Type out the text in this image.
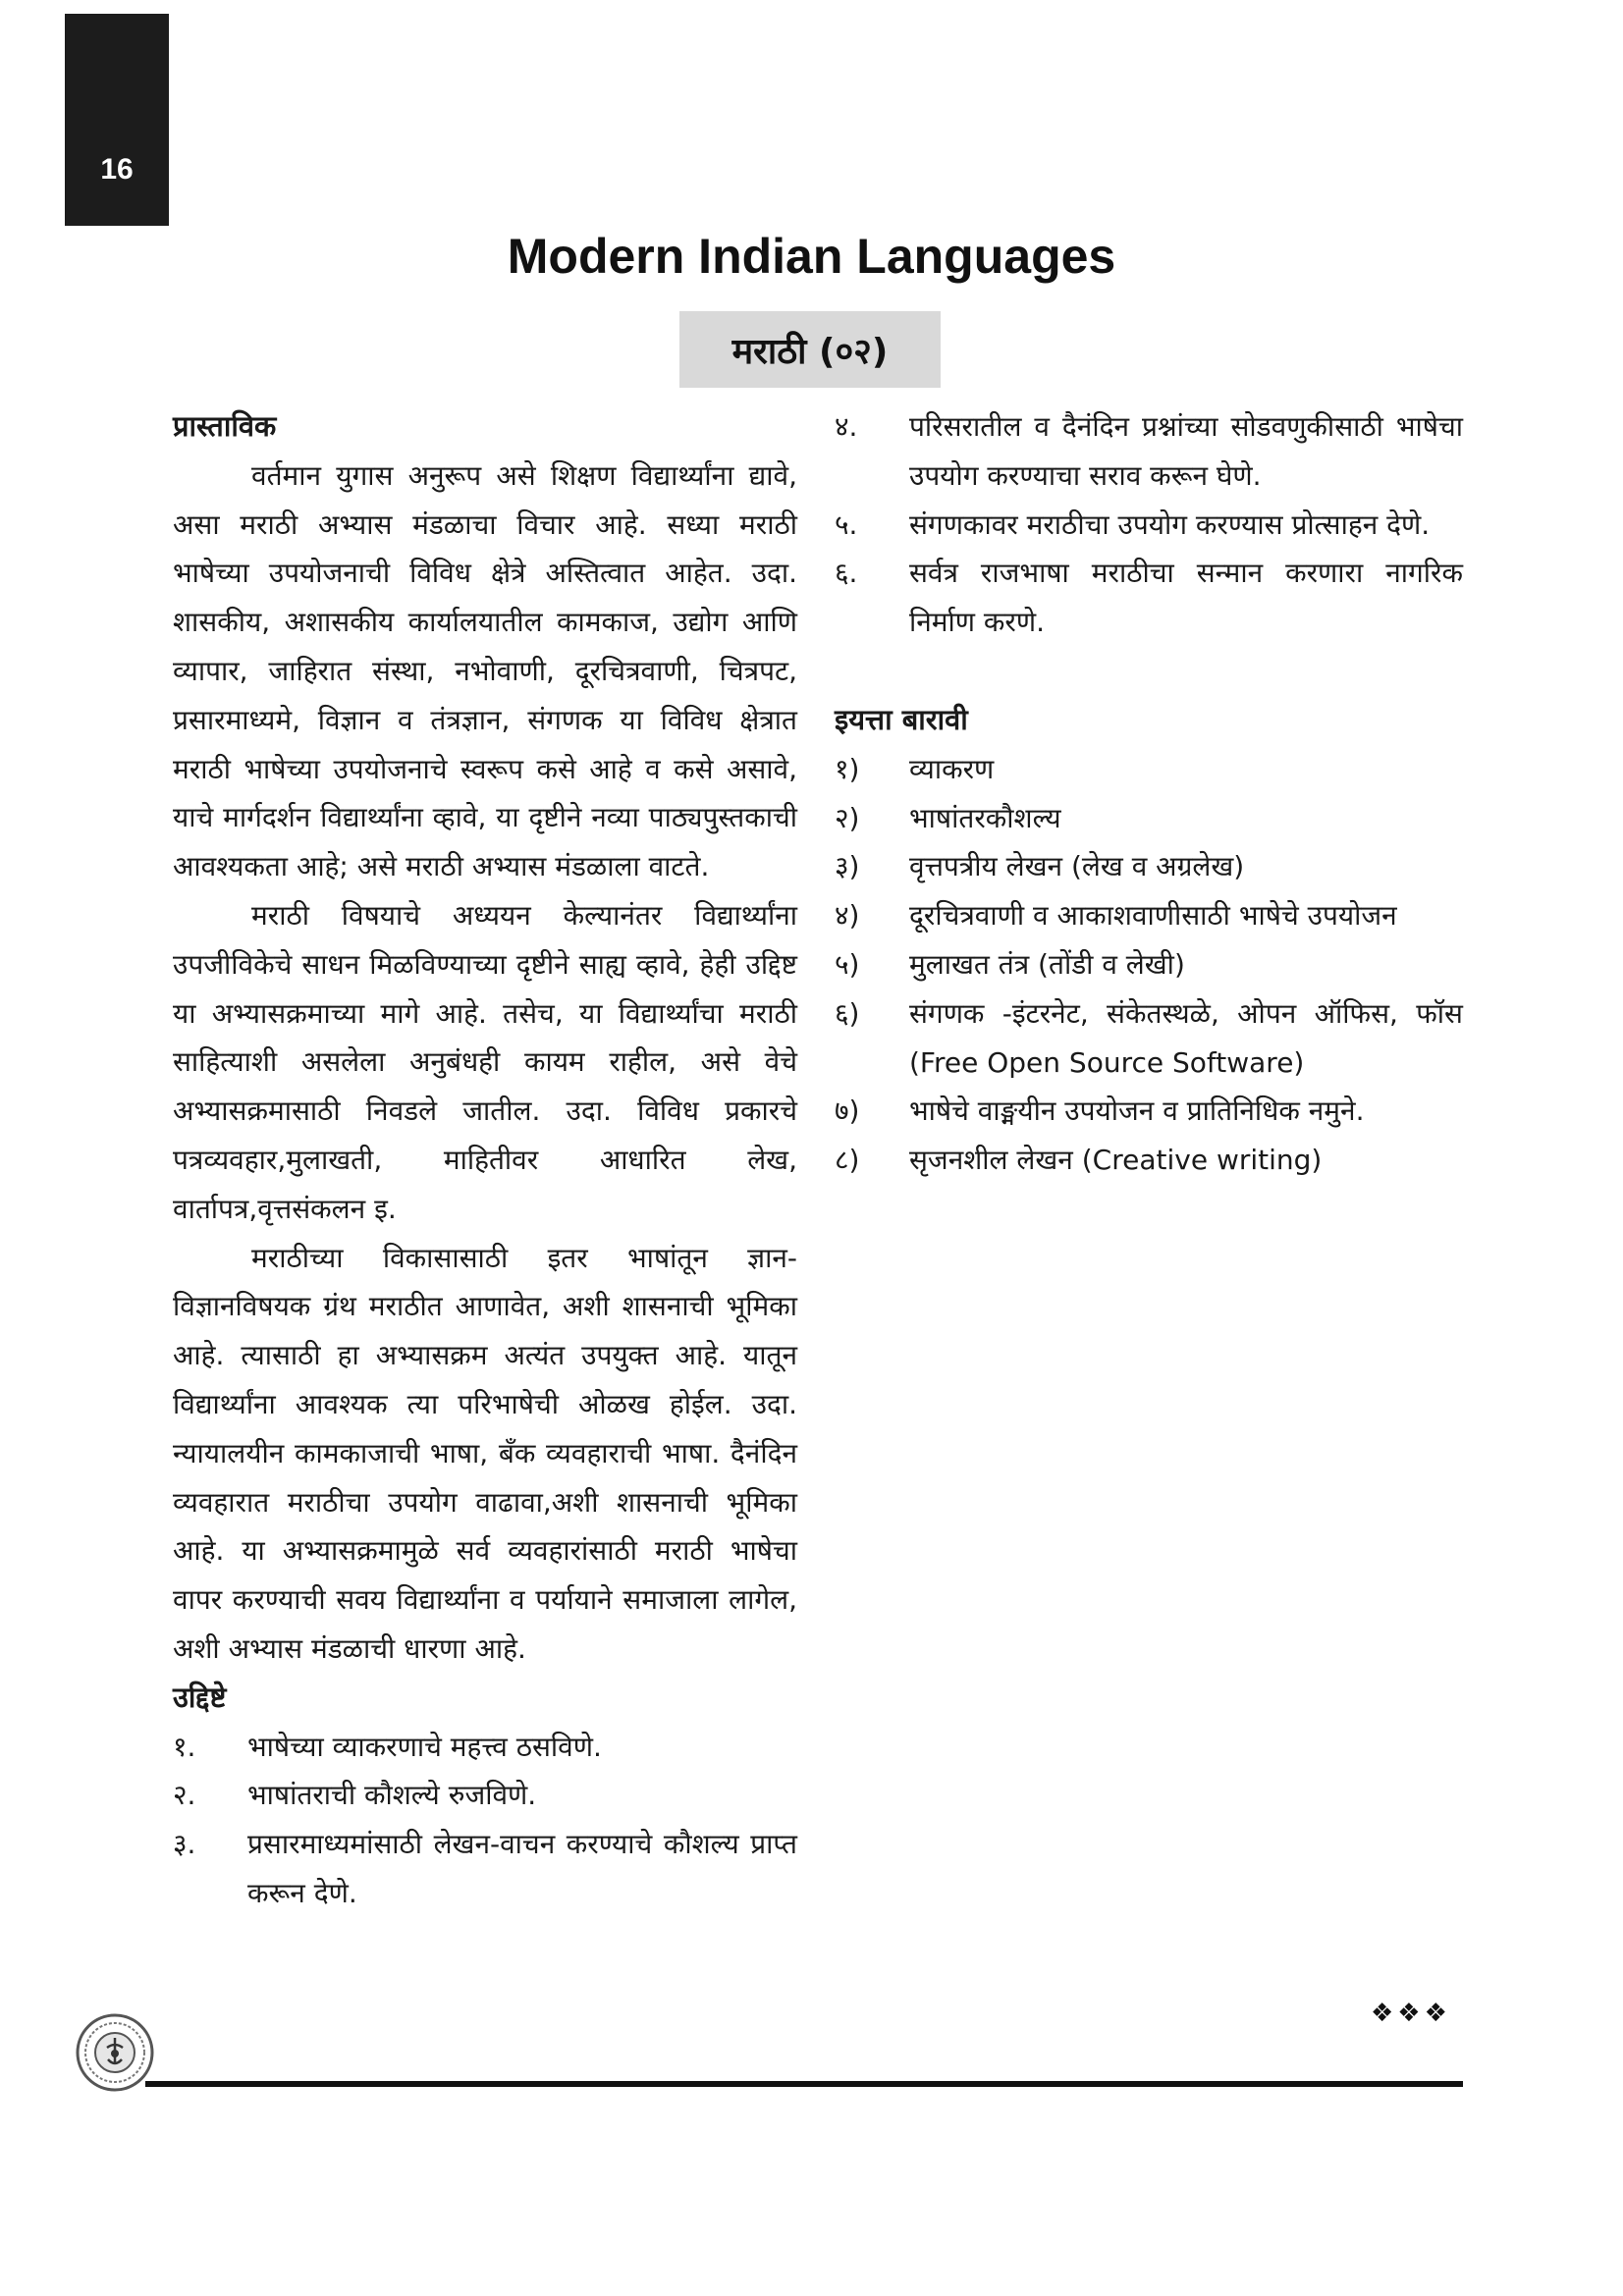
16
Modern Indian Languages
मराठी (०२)

प्रास्ताविक

वर्तमान युगास अनुरूप असे शिक्षण विद्यार्थ्यांना द्यावे, असा मराठी अभ्यास मंडळाचा विचार आहे. सध्या मराठी भाषेच्या उपयोजनाची विविध क्षेत्रे अस्तित्वात आहेत. उदा. शासकीय, अशासकीय कार्यालयातील कामकाज, उद्योग आणि व्यापार, जाहिरात संस्था, नभोवाणी, दूरचित्रवाणी, चित्रपट, प्रसारमाध्यमे, विज्ञान व तंत्रज्ञान, संगणक या विविध क्षेत्रात मराठी भाषेच्या उपयोजनाचे स्वरूप कसे आहे व कसे असावे, याचे मार्गदर्शन विद्यार्थ्यांना व्हावे, या दृष्टीने नव्या पाठ्यपुस्तकाची आवश्यकता आहे; असे मराठी अभ्यास मंडळाला वाटते.

मराठी विषयाचे अध्ययन केल्यानंतर विद्यार्थ्यांना उपजीविकेचे साधन मिळविण्याच्या दृष्टीने साह्य व्हावे, हेही उद्दिष्ट या अभ्यासक्रमाच्या मागे आहे. तसेच, या विद्यार्थ्यांचा मराठी साहित्याशी असलेला अनुबंधही कायम राहील, असे वेचे अभ्यासक्रमासाठी निवडले जातील. उदा. विविध प्रकारचे पत्रव्यवहार,मुलाखती, माहितीवर आधारित लेख, वार्तापत्र,वृत्तसंकलन इ.

मराठीच्या विकासासाठी इतर भाषांतून ज्ञान-विज्ञानविषयक ग्रंथ मराठीत आणावेत, अशी शासनाची भूमिका आहे. त्यासाठी हा अभ्यासक्रम अत्यंत उपयुक्त आहे. यातून विद्यार्थ्यांना आवश्यक त्या परिभाषेची ओळख होईल. उदा. न्यायालयीन कामकाजाची भाषा, बँक व्यवहाराची भाषा. दैनंदिन व्यवहारात मराठीचा उपयोग वाढावा,अशी शासनाची भूमिका आहे. या अभ्यासक्रमामुळे सर्व व्यवहारांसाठी मराठी भाषेचा वापर करण्याची सवय विद्यार्थ्यांना व पर्यायाने समाजाला लागेल, अशी अभ्यास मंडळाची धारणा आहे.

उद्दिष्टे

१.	भाषेच्या व्याकरणाचे महत्त्व ठसविणे.
२.	भाषांतराची कौशल्ये रुजविणे.
३.	प्रसारमाध्यमांसाठी लेखन-वाचन करण्याचे कौशल्य प्राप्त करून देणे.
४.	परिसरातील व दैनंदिन प्रश्नांच्या सोडवणुकीसाठी भाषेचा उपयोग करण्याचा सराव करून घेणे.
५.	संगणकावर मराठीचा उपयोग करण्यास प्रोत्साहन देणे.
६.	सर्वत्र राजभाषा मराठीचा सन्मान करणारा नागरिक निर्माण करणे.

इयत्ता बारावी

१)	व्याकरण
२)	भाषांतरकौशल्य
३)	वृत्तपत्रीय लेखन (लेख व अग्रलेख)
४)	दूरचित्रवाणी व आकाशवाणीसाठी भाषेचे उपयोजन
५)	मुलाखत तंत्र (तोंडी व लेखी)
६)	संगणक -इंटरनेट, संकेतस्थळे, ओपन ऑफिस, फॉस (Free Open Source Software)
७)	भाषेचे वाङ्मयीन उपयोजन व प्रातिनिधिक नमुने.
८)	सृजनशील लेखन (Creative writing)
❖❖❖
